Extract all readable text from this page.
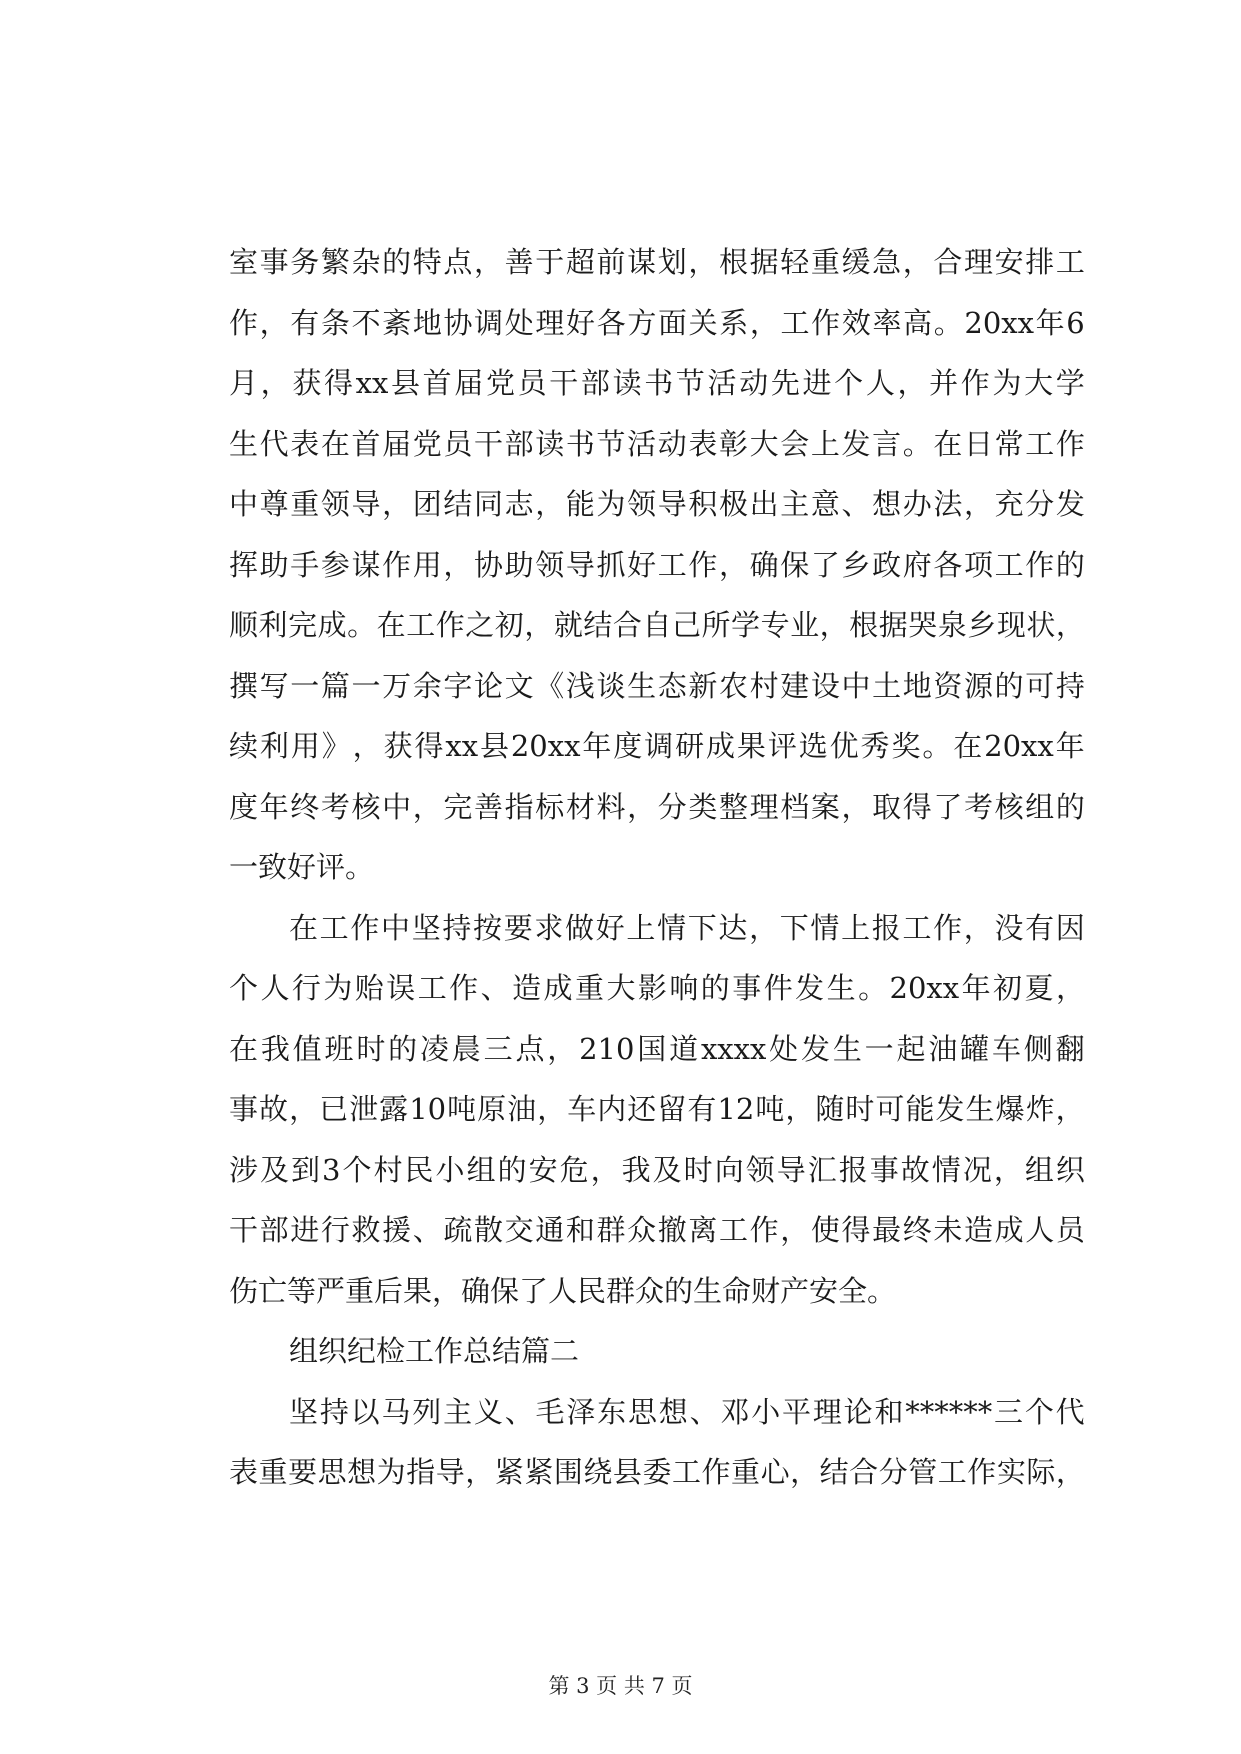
室 事 务 繁 杂 的 特 点 ， 善 于 超 前 谋 划 ， 根 据 轻 重 缓 急 ， 合 理 安 排 工
作 ， 有 条 不 紊 地 协 调 处 理 好 各 方 面 关 系 ， 工 作 效 率 高 。 20xx 年 6
月 ， 获 得 xx 县 首 届 党 员 干 部 读 书 节 活 动 先 进 个 人 ， 并 作 为 大 学
生 代 表 在 首 届 党 员 干 部 读 书 节 活 动 表 彰 大 会 上 发 言 。 在 日 常 工 作
中 尊 重 领 导 ， 团 结 同 志 ， 能 为 领 导 积 极 出 主 意 、 想 办 法 ， 充 分 发
挥 助 手 参 谋 作 用 ， 协 助 领 导 抓 好 工 作 ， 确 保 了 乡 政 府 各 项 工 作 的
顺 利 完 成 。 在 工 作 之 初 ， 就 结 合 自 己 所 学 专 业 ， 根 据 哭 泉 乡 现 状 ，
撰 写 一 篇 一 万 余 字 论 文 《 浅 谈 生 态 新 农 村 建 设 中 土 地 资 源 的 可 持
续 利 用 》 ， 获 得 xx 县 20xx 年 度 调 研 成 果 评 选 优 秀 奖 。 在 20xx 年
度 年 终 考 核 中 ， 完 善 指 标 材 料 ， 分 类 整 理 档 案 ， 取 得 了 考 核 组 的
一致好评。
在 工 作 中 坚 持 按 要 求 做 好 上 情 下 达 ， 下 情 上 报 工 作 ， 没 有 因
个 人 行 为 贻 误 工 作 、 造 成 重 大 影 响 的 事 件 发 生 。 20xx 年 初 夏 ，
在 我 值 班 时 的 凌 晨 三 点 ， 210 国 道 xxxx 处 发 生 一 起 油 罐 车 侧 翻
事 故 ， 已 泄 露 10 吨 原 油 ， 车 内 还 留 有 12 吨 ， 随 时 可 能 发 生 爆 炸 ，
涉 及 到 3 个 村 民 小 组 的 安 危 ， 我 及 时 向 领 导 汇 报 事 故 情 况 ， 组 织
干 部 进 行 救 援 、 疏 散 交 通 和 群 众 撤 离 工 作 ， 使 得 最 终 未 造 成 人 员
伤亡等严重后果，确保了人民群众的生命财产安全。
组织纪检工作总结篇二
坚 持 以 马 列 主 义 、 毛 泽 东 思 想 、 邓 小 平 理 论 和 ****** 三 个 代
表 重 要 思 想 为 指 导 ， 紧 紧 围 绕 县 委 工 作 重 心 ， 结 合 分 管 工 作 实 际 ，
第 3 页 共 7 页
